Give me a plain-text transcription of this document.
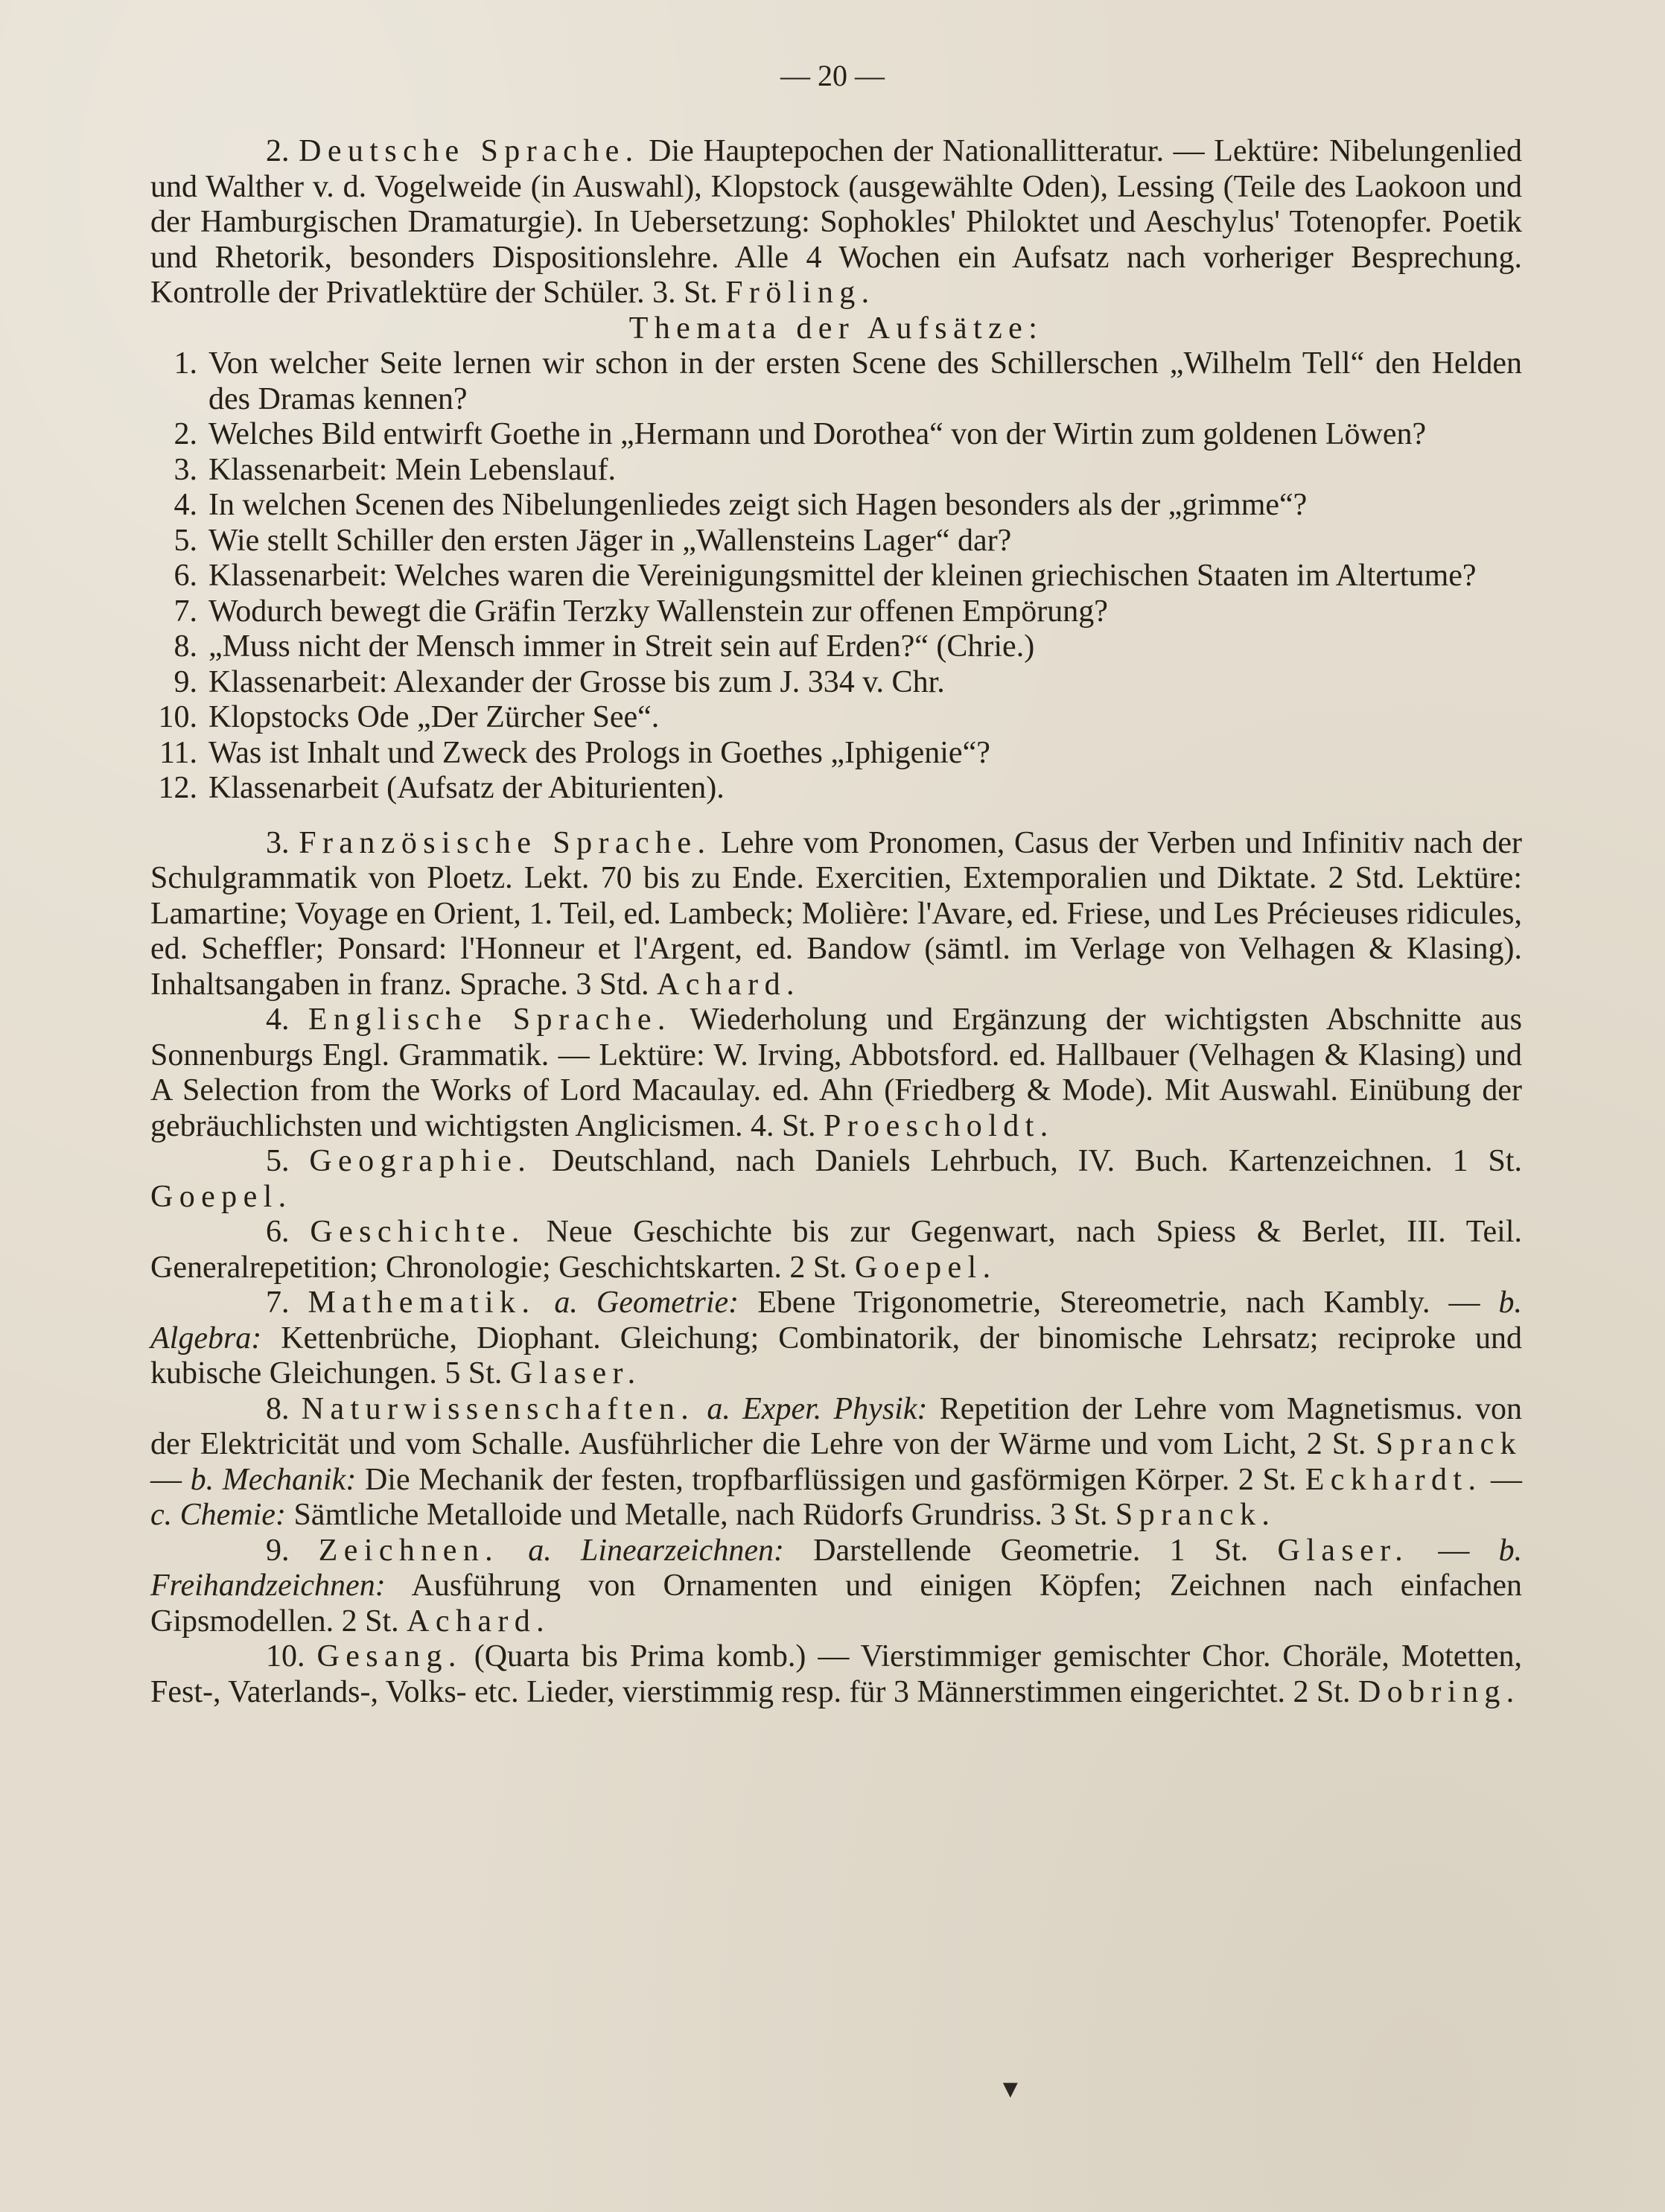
— 20 —

2. Deutsche Sprache. Die Hauptepochen der Nationallitteratur. — Lektüre: Nibelungenlied und Walther v. d. Vogelweide (in Auswahl), Klopstock (ausgewählte Oden), Lessing (Teile des Laokoon und der Hamburgischen Dramaturgie). In Uebersetzung: Sophokles' Philoktet und Aeschylus' Totenopfer. Poetik und Rhetorik, besonders Dispositionslehre. Alle 4 Wochen ein Aufsatz nach vorheriger Besprechung. Kontrolle der Privatlektüre der Schüler. 3. St. Fröling.

Themata der Aufsätze:

1. Von welcher Seite lernen wir schon in der ersten Scene des Schillerschen „Wilhelm Tell“ den Helden des Dramas kennen?
2. Welches Bild entwirft Goethe in „Hermann und Dorothea“ von der Wirtin zum goldenen Löwen?
3. Klassenarbeit: Mein Lebenslauf.
4. In welchen Scenen des Nibelungenliedes zeigt sich Hagen besonders als der „grimme“?
5. Wie stellt Schiller den ersten Jäger in „Wallensteins Lager“ dar?
6. Klassenarbeit: Welches waren die Vereinigungsmittel der kleinen griechischen Staaten im Altertume?
7. Wodurch bewegt die Gräfin Terzky Wallenstein zur offenen Empörung?
8. „Muss nicht der Mensch immer in Streit sein auf Erden?“ (Chrie.)
9. Klassenarbeit: Alexander der Grosse bis zum J. 334 v. Chr.
10. Klopstocks Ode „Der Zürcher See“.
11. Was ist Inhalt und Zweck des Prologs in Goethes „Iphigenie“?
12. Klassenarbeit (Aufsatz der Abiturienten).

3. Französische Sprache. Lehre vom Pronomen, Casus der Verben und Infinitiv nach der Schulgrammatik von Ploetz. Lekt. 70 bis zu Ende. Exercitien, Extemporalien und Diktate. 2 Std. Lektüre: Lamartine; Voyage en Orient, 1. Teil, ed. Lambeck; Molière: l'Avare, ed. Friese, und Les Précieuses ridicules, ed. Scheffler; Ponsard: l'Honneur et l'Argent, ed. Bandow (sämtl. im Verlage von Velhagen & Klasing). Inhaltsangaben in franz. Sprache. 3 Std. Achard.

4. Englische Sprache. Wiederholung und Ergänzung der wichtigsten Abschnitte aus Sonnenburgs Engl. Grammatik. — Lektüre: W. Irving, Abbotsford. ed. Hallbauer (Velhagen & Klasing) und A Selection from the Works of Lord Macaulay. ed. Ahn (Friedberg & Mode). Mit Auswahl. Einübung der gebräuchlichsten und wichtigsten Anglicismen. 4. St. Proescholdt.

5. Geographie. Deutschland, nach Daniels Lehrbuch, IV. Buch. Kartenzeichnen. 1 St. Goepel.

6. Geschichte. Neue Geschichte bis zur Gegenwart, nach Spiess & Berlet, III. Teil. Generalrepetition; Chronologie; Geschichtskarten. 2 St. Goepel.

7. Mathematik. a. Geometrie: Ebene Trigonometrie, Stereometrie, nach Kambly. — b. Algebra: Kettenbrüche, Diophant. Gleichung; Combinatorik, der binomische Lehrsatz; reciproke und kubische Gleichungen. 5 St. Glaser.

8. Naturwissenschaften. a. Exper. Physik: Repetition der Lehre vom Magnetismus. von der Elektricität und vom Schalle. Ausführlicher die Lehre von der Wärme und vom Licht, 2 St. Spranck — b. Mechanik: Die Mechanik der festen, tropfbarflüssigen und gasförmigen Körper. 2 St. Eckhardt. — c. Chemie: Sämtliche Metalloide und Metalle, nach Rüdorfs Grundriss. 3 St. Spranck.

9. Zeichnen. a. Linearzeichnen: Darstellende Geometrie. 1 St. Glaser. — b. Freihandzeichnen: Ausführung von Ornamenten und einigen Köpfen; Zeichnen nach einfachen Gipsmodellen. 2 St. Achard.

10. Gesang. (Quarta bis Prima komb.) — Vierstimmiger gemischter Chor. Choräle, Motetten, Fest-, Vaterlands-, Volks- etc. Lieder, vierstimmig resp. für 3 Männerstimmen eingerichtet. 2 St. Dobring.

▼
